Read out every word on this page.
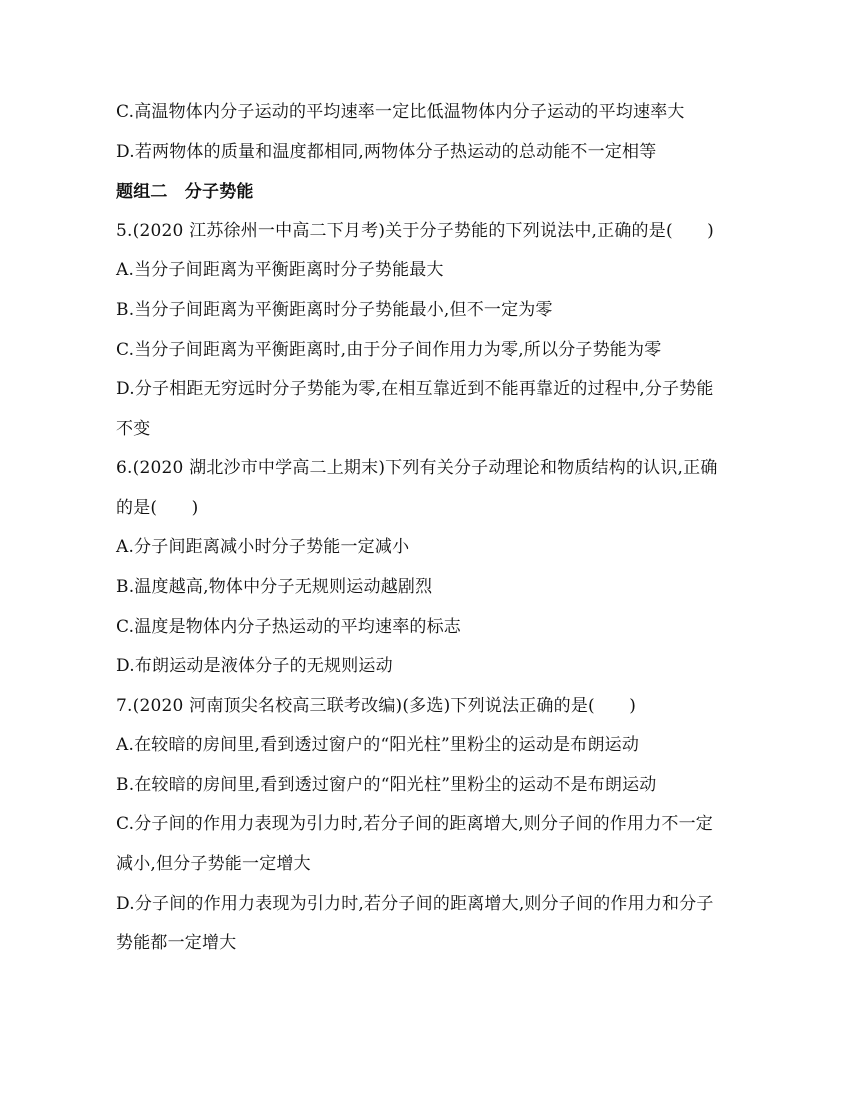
C.高温物体内分子运动的平均速率一定比低温物体内分子运动的平均速率大
D.若两物体的质量和温度都相同,两物体分子热运动的总动能不一定相等
题组二　分子势能
5.(2020 江苏徐州一中高二下月考)关于分子势能的下列说法中,正确的是(　　)
A.当分子间距离为平衡距离时分子势能最大
B.当分子间距离为平衡距离时分子势能最小,但不一定为零
C.当分子间距离为平衡距离时,由于分子间作用力为零,所以分子势能为零
D.分子相距无穷远时分子势能为零,在相互靠近到不能再靠近的过程中,分子势能
不变
6.(2020 湖北沙市中学高二上期末)下列有关分子动理论和物质结构的认识,正确
的是(　　)
A.分子间距离减小时分子势能一定减小
B.温度越高,物体中分子无规则运动越剧烈
C.温度是物体内分子热运动的平均速率的标志
D.布朗运动是液体分子的无规则运动
7.(2020 河南顶尖名校高三联考改编)(多选)下列说法正确的是(　　)
A.在较暗的房间里,看到透过窗户的“阳光柱”里粉尘的运动是布朗运动
B.在较暗的房间里,看到透过窗户的“阳光柱”里粉尘的运动不是布朗运动
C.分子间的作用力表现为引力时,若分子间的距离增大,则分子间的作用力不一定
减小,但分子势能一定增大
D.分子间的作用力表现为引力时,若分子间的距离增大,则分子间的作用力和分子
势能都一定增大
